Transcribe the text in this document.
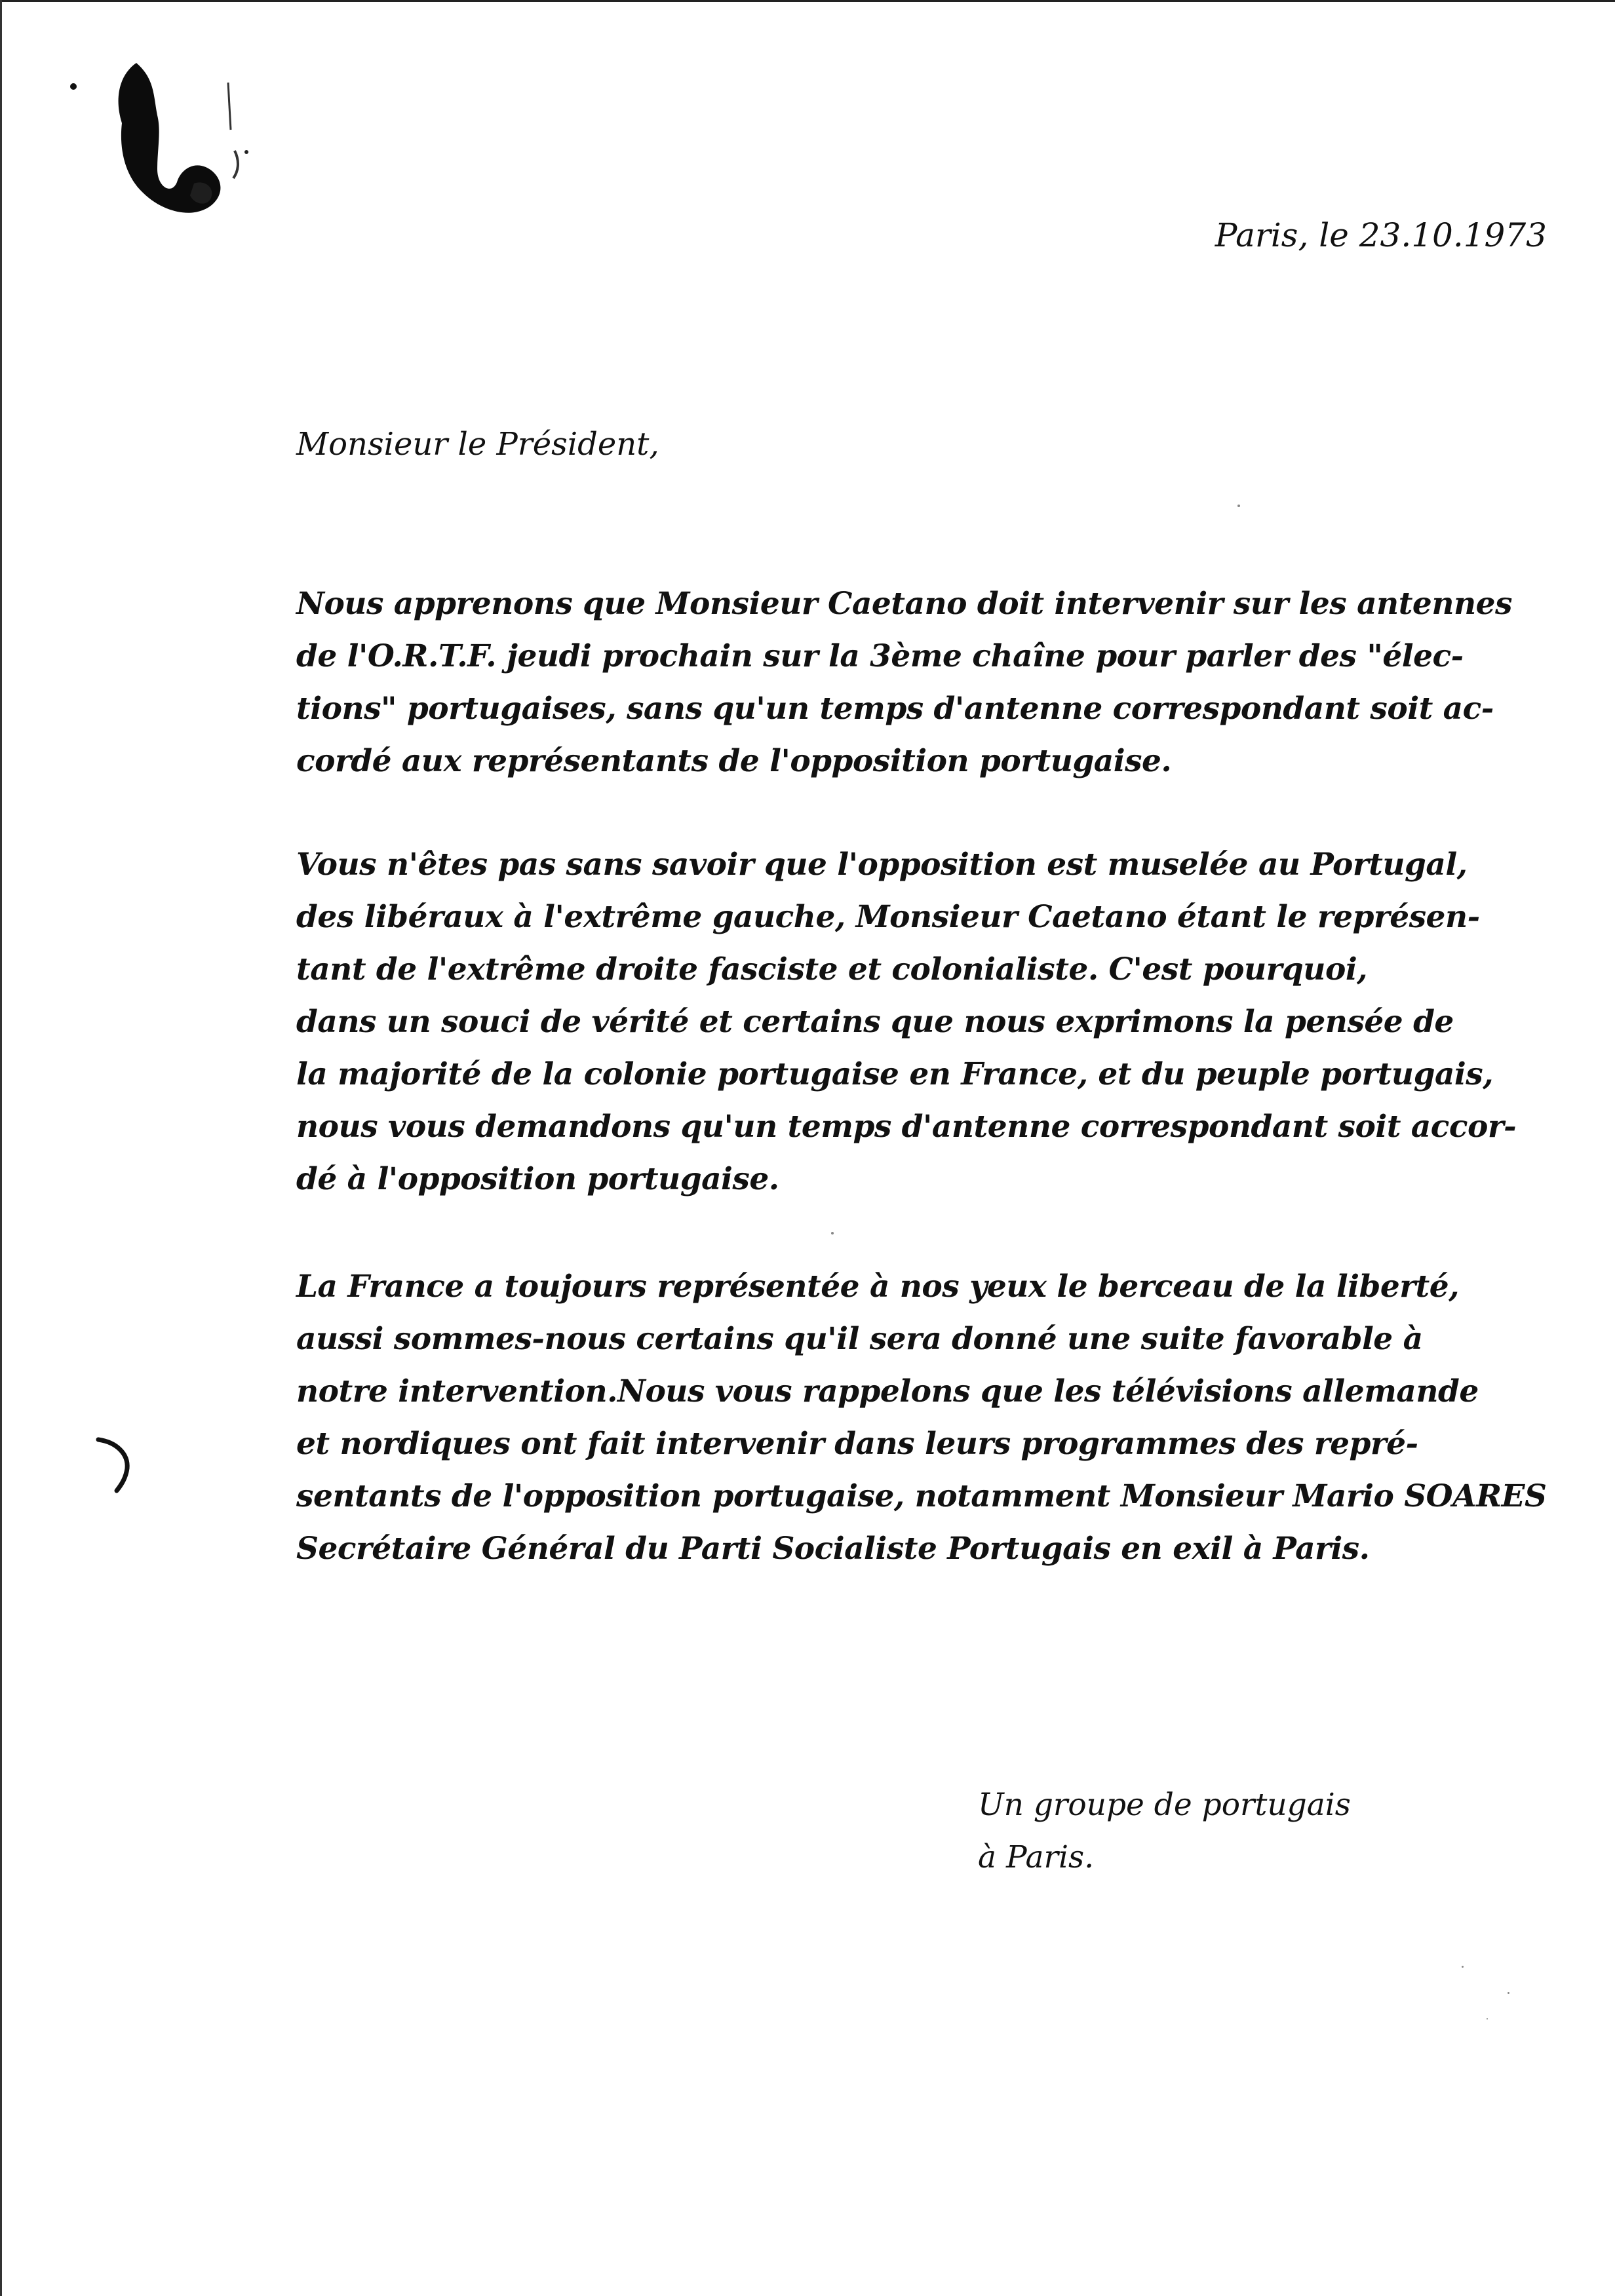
Paris, le 23.10.1973
Monsieur le Président,
Nous apprenons que Monsieur Caetano doit intervenir sur les antennes
de l'O.R.T.F. jeudi prochain sur la 3ème chaîne pour parler des "élec-
tions" portugaises, sans qu'un temps d'antenne correspondant soit ac-
cordé aux représentants de l'opposition portugaise.
Vous n'êtes pas sans savoir que l'opposition est muselée au Portugal,
des libéraux à l'extrême gauche, Monsieur Caetano étant le représen-
tant de l'extrême droite fasciste et colonialiste. C'est pourquoi,
dans un souci de vérité et certains que nous exprimons la pensée de
la majorité de la colonie portugaise en France, et du peuple portugais,
nous vous demandons qu'un temps d'antenne correspondant soit accor-
dé à l'opposition portugaise.
La France a toujours représentée à nos yeux le berceau de la liberté,
aussi sommes-nous certains qu'il sera donné une suite favorable à
notre intervention.Nous vous rappelons que les télévisions allemande
et nordiques ont fait intervenir dans leurs programmes des repré-
sentants de l'opposition portugaise, notamment Monsieur Mario SOARES
Secrétaire Général du Parti Socialiste Portugais en exil à Paris.
Un groupe de portugais
à Paris.
